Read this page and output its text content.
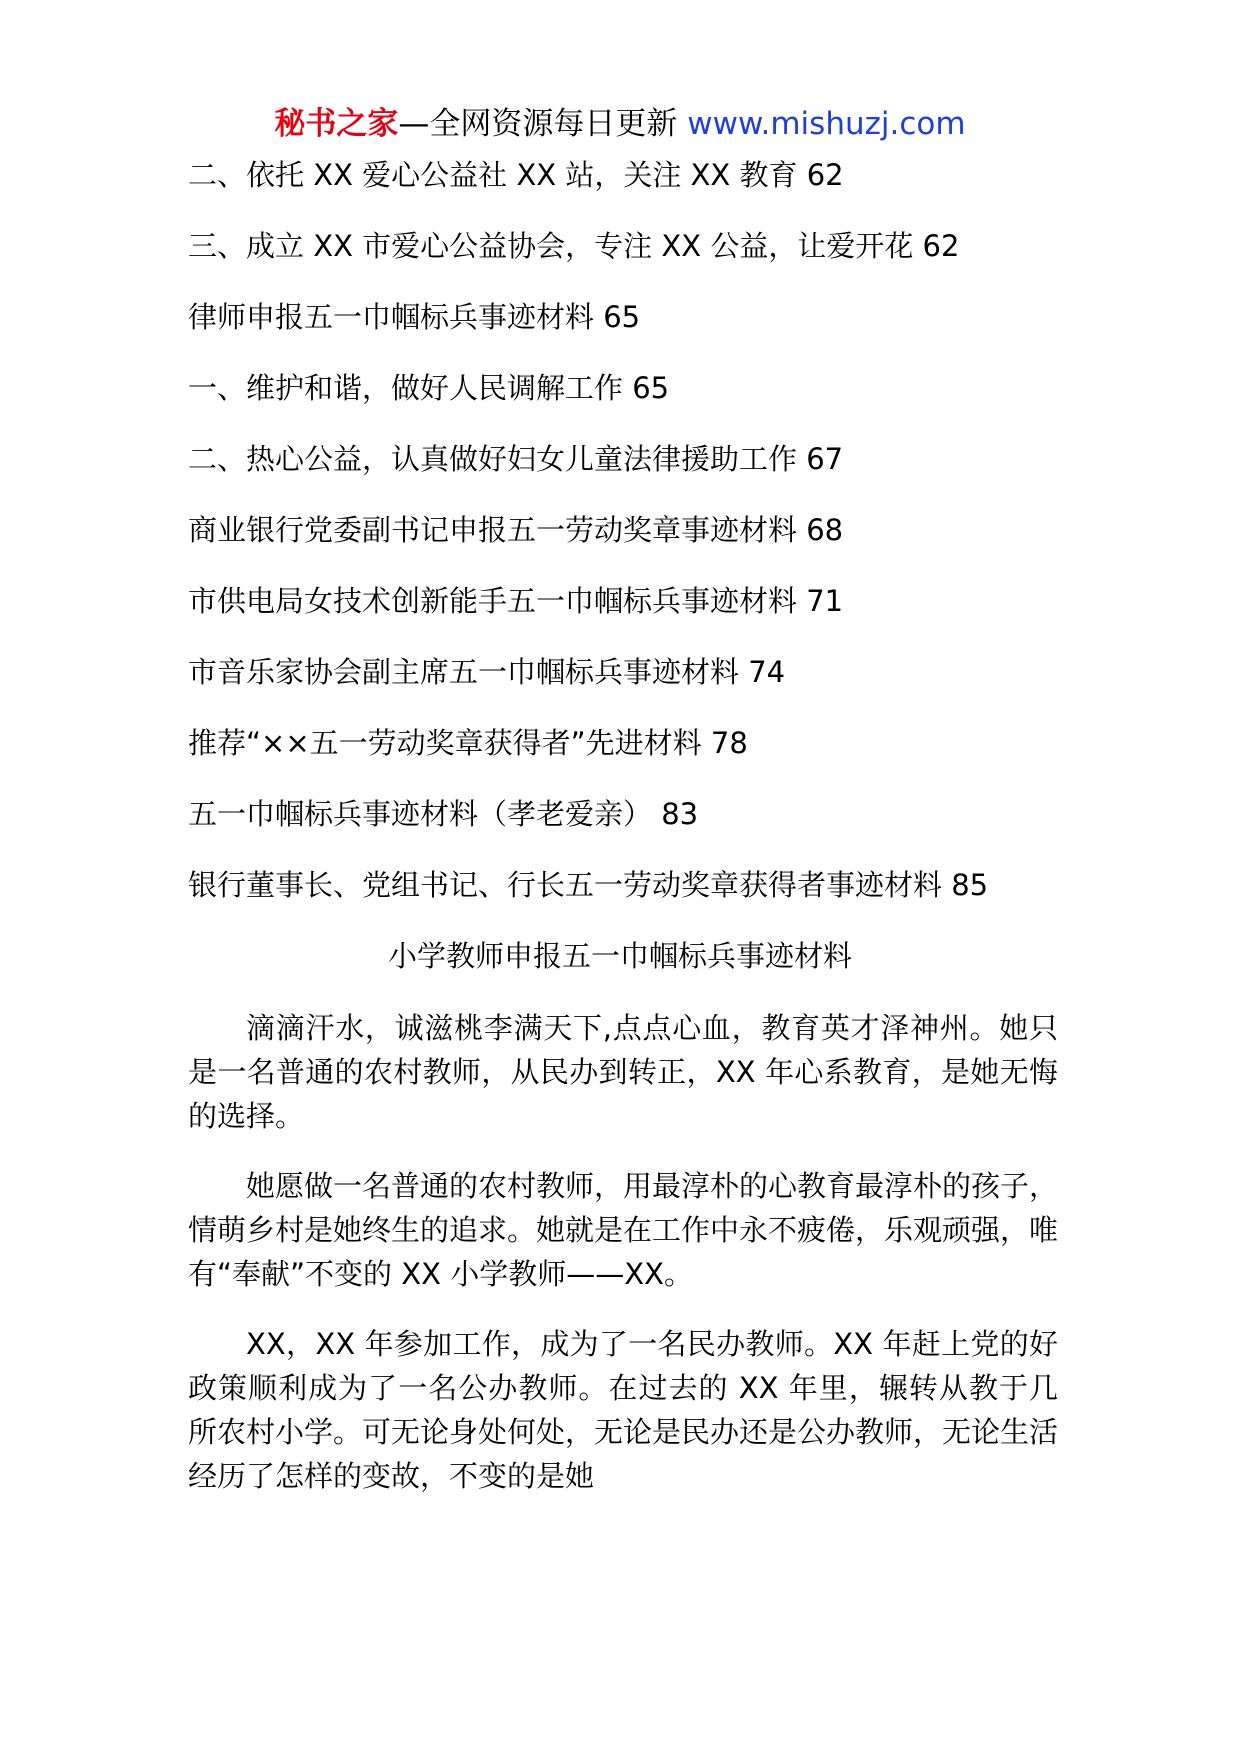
秘书之家—全网资源每日更新 www.mishuzj.com
二、依托 XX 爱心公益社 XX 站，关注 XX 教育 62
三、成立 XX 市爱心公益协会，专注 XX 公益，让爱开花 62
律师申报五一巾帼标兵事迹材料 65
一、维护和谐，做好人民调解工作 65
二、热心公益，认真做好妇女儿童法律援助工作 67
商业银行党委副书记申报五一劳动奖章事迹材料 68
市供电局女技术创新能手五一巾帼标兵事迹材料 71
市音乐家协会副主席五一巾帼标兵事迹材料 74
推荐“××五一劳动奖章获得者”先进材料 78
五一巾帼标兵事迹材料（孝老爱亲） 83
银行董事长、党组书记、行长五一劳动奖章获得者事迹材料 85
小学教师申报五一巾帼标兵事迹材料

滴滴汗水，诚滋桃李满天下,点点心血，教育英才泽神州。她只是一名普通的农村教师，从民办到转正，XX 年心系教育，是她无悔的选择。

她愿做一名普通的农村教师，用最淳朴的心教育最淳朴的孩子，情萌乡村是她终生的追求。她就是在工作中永不疲倦，乐观顽强，唯有“奉献”不变的 XX 小学教师——XX。

XX，XX 年参加工作，成为了一名民办教师。XX 年赶上党的好政策顺利成为了一名公办教师。在过去的 XX 年里，辗转从教于几所农村小学。可无论身处何处，无论是民办还是公办教师，无论生活经历了怎样的变故，不变的是她
